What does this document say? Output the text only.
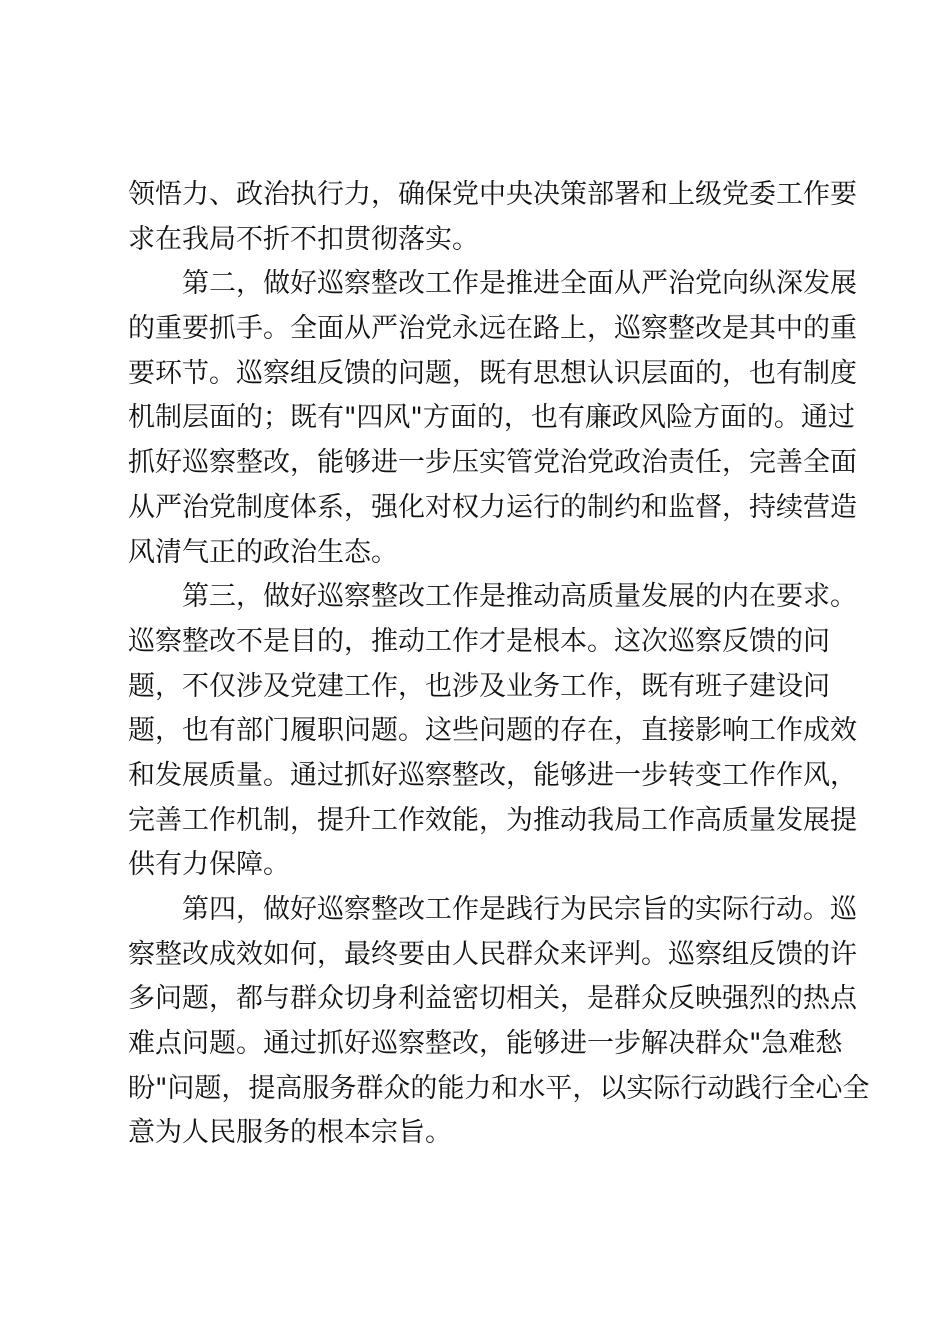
领悟力、政治执行力，确保党中央决策部署和上级党委工作要
求在我局不折不扣贯彻落实。
第二，做好巡察整改工作是推进全面从严治党向纵深发展
的重要抓手。全面从严治党永远在路上，巡察整改是其中的重
要环节。巡察组反馈的问题，既有思想认识层面的，也有制度
机制层面的；既有"四风"方面的，也有廉政风险方面的。通过
抓好巡察整改，能够进一步压实管党治党政治责任，完善全面
从严治党制度体系，强化对权力运行的制约和监督，持续营造
风清气正的政治生态。
第三，做好巡察整改工作是推动高质量发展的内在要求。
巡察整改不是目的，推动工作才是根本。这次巡察反馈的问
题，不仅涉及党建工作，也涉及业务工作，既有班子建设问
题，也有部门履职问题。这些问题的存在，直接影响工作成效
和发展质量。通过抓好巡察整改，能够进一步转变工作作风，
完善工作机制，提升工作效能，为推动我局工作高质量发展提
供有力保障。
第四，做好巡察整改工作是践行为民宗旨的实际行动。巡
察整改成效如何，最终要由人民群众来评判。巡察组反馈的许
多问题，都与群众切身利益密切相关，是群众反映强烈的热点
难点问题。通过抓好巡察整改，能够进一步解决群众"急难愁
盼"问题，提高服务群众的能力和水平，以实际行动践行全心全
意为人民服务的根本宗旨。
